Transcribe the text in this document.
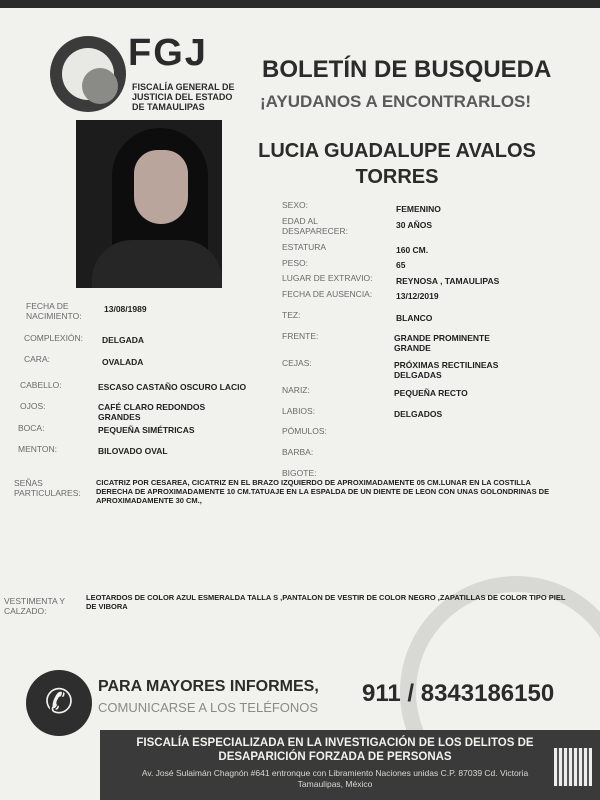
FGJ
FISCALÍA GENERAL DE JUSTICIA DEL ESTADO DE TAMAULIPAS
BOLETÍN DE BUSQUEDA
¡AYUDANOS A ENCONTRARLOS!
LUCIA GUADALUPE AVALOS TORRES
SEXO:	FEMENINO
EDAD AL DESAPARECER:
30 AÑOS
ESTATURA	160 CM.
PESO:	65
LUGAR DE EXTRAVIO:	REYNOSA , TAMAULIPAS
FECHA DE AUSENCIA:	13/12/2019
TEZ:	BLANCO
FRENTE:	GRANDE PROMINENTE GRANDE
CEJAS:	PRÓXIMAS RECTILINEAS DELGADAS
NARIZ:	PEQUEÑA RECTO
LABIOS:	DELGADOS
PÓMULOS:
BARBA:
BIGOTE:
FECHA DE NACIMIENTO:
13/08/1989
COMPLEXIÓN: DELGADA
CARA:	OVALADA
CABELLO:	ESCASO CASTAÑO OSCURO LACIO
OJOS:	CAFÉ CLARO REDONDOS GRANDES
BOCA:	PEQUEÑA SIMÉTRICAS
MENTON:	BILOVADO OVAL
SEÑAS PARTICULARES:
CICATRIZ POR CESAREA, CICATRIZ EN EL BRAZO IZQUIERDO DE APROXIMADAMENTE 05 CM.LUNAR EN LA COSTILLA DERECHA DE APROXIMADAMENTE 10 CM.TATUAJE EN LA ESPALDA DE UN DIENTE DE LEON CON UNAS GOLONDRINAS DE APROXIMADAMENTE 30 CM.,
VESTIMENTA Y CALZADO:
LEOTARDOS DE COLOR AZUL ESMERALDA TALLA S ,PANTALON DE VESTIR DE COLOR NEGRO ,ZAPATILLAS DE COLOR TIPO PIEL DE VIBORA
✆	PARA MAYORES INFORMES,
COMUNICARSE A LOS TELÉFONOS
911 / 8343186150
FISCALÍA ESPECIALIZADA EN LA INVESTIGACIÓN DE LOS DELITOS DE DESAPARICIÓN FORZADA DE PERSONAS
Av. José Sulaimán Chagnón #641 entronque con Libramiento Naciones unidas C.P. 87039 Cd. Victoria Tamaulipas, México
